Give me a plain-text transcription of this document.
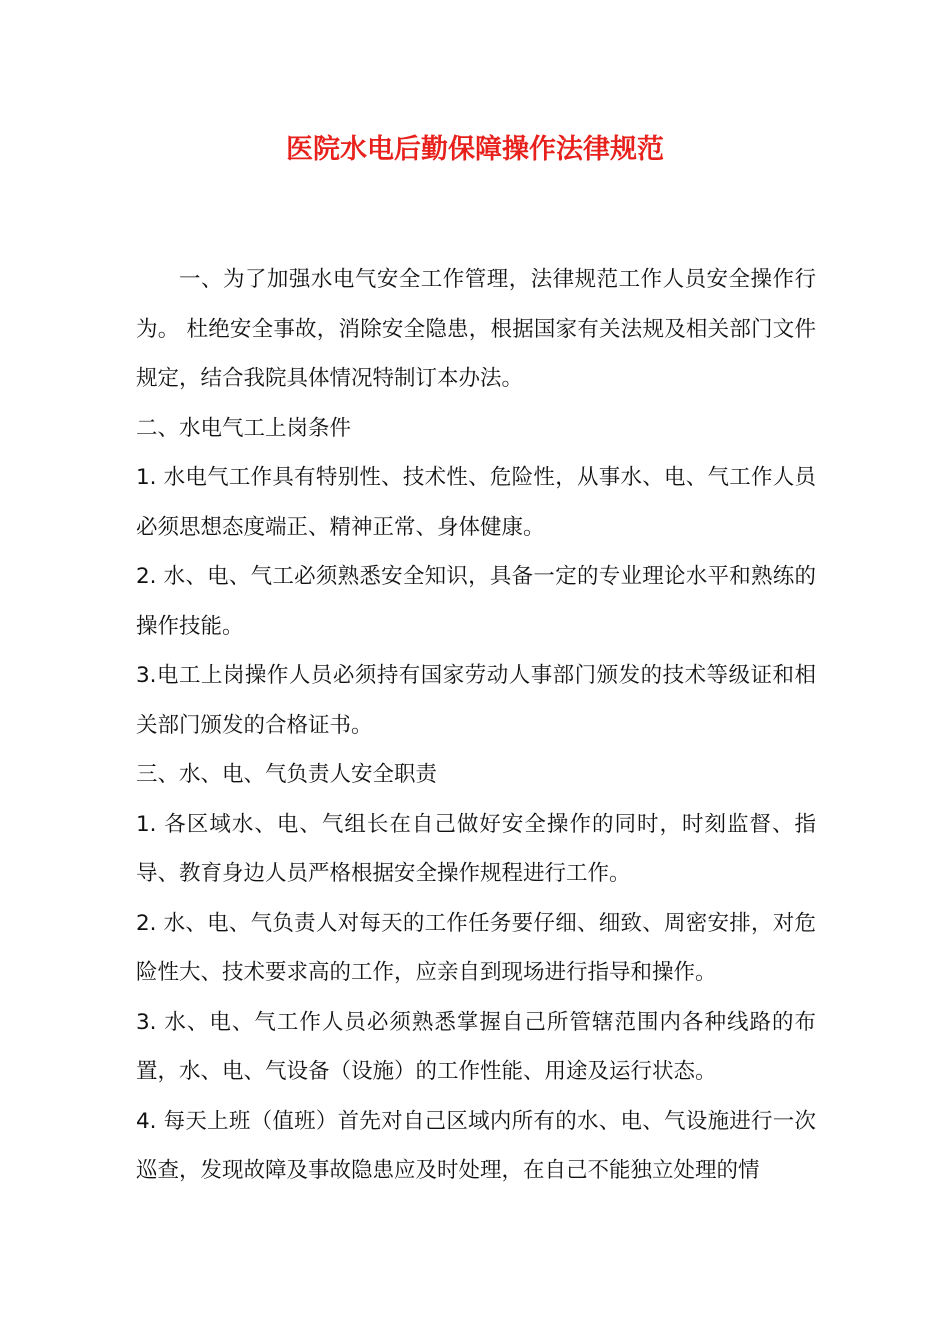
医院水电后勤保障操作法律规范

一、为了加强水电气安全工作管理，法律规范工作人员安全操作行为。 杜绝安全事故，消除安全隐患，根据国家有关法规及相关部门文件规定，结合我院具体情况特制订本办法。

二、水电气工上岗条件

1. 水电气工作具有特别性、技术性、危险性，从事水、电、气工作人员必须思想态度端正、精神正常、身体健康。

2. 水、电、气工必须熟悉安全知识，具备一定的专业理论水平和熟练的操作技能。

3.电工上岗操作人员必须持有国家劳动人事部门颁发的技术等级证和相关部门颁发的合格证书。

三、水、电、气负责人安全职责

1. 各区域水、电、气组长在自己做好安全操作的同时，时刻监督、指导、教育身边人员严格根据安全操作规程进行工作。

2. 水、电、气负责人对每天的工作任务要仔细、细致、周密安排，对危险性大、技术要求高的工作，应亲自到现场进行指导和操作。

3. 水、电、气工作人员必须熟悉掌握自己所管辖范围内各种线路的布置，水、电、气设备（设施）的工作性能、用途及运行状态。

4. 每天上班（值班）首先对自己区域内所有的水、电、气设施进行一次巡查，发现故障及事故隐患应及时处理，在自己不能独立处理的情
